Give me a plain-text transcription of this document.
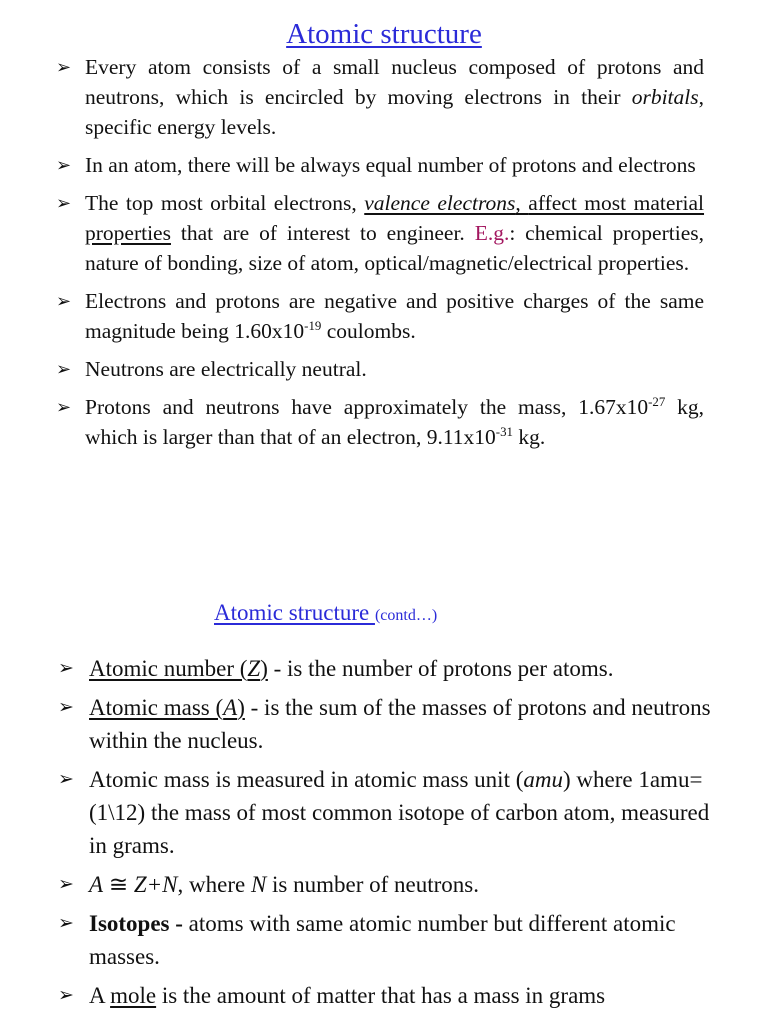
Atomic structure
➢ Every atom consists of a small nucleus composed of protons and neutrons, which is encircled by moving electrons in their orbitals, specific energy levels.
➢ In an atom, there will be always equal number of protons and electrons
➢ The top most orbital electrons, valence electrons, affect most material properties that are of interest to engineer. E.g.: chemical properties, nature of bonding, size of atom, optical/magnetic/electrical properties.
➢ Electrons and protons are negative and positive charges of the same magnitude being $1.60x10^{-19}$ coulombs.
➢ Neutrons are electrically neutral.
➢ Protons and neutrons have approximately the mass, $1.67x10^{-27}$ kg, which is larger than that of an electron, $9.11x10^{-31}$ kg.
Atomic structure (contd…)
➢ Atomic number (Z) - is the number of protons per atoms.
➢ Atomic mass (A) - is the sum of the masses of protons and neutrons within the nucleus.
➢ Atomic mass is measured in atomic mass unit (amu) where 1amu=(1\12) the mass of most common isotope of carbon atom, measured in grams.
➢ A ≅ Z+N, where N is number of neutrons.
➢ Isotopes - atoms with same atomic number but different atomic masses.
➢ A mole is the amount of matter that has a mass in grams
